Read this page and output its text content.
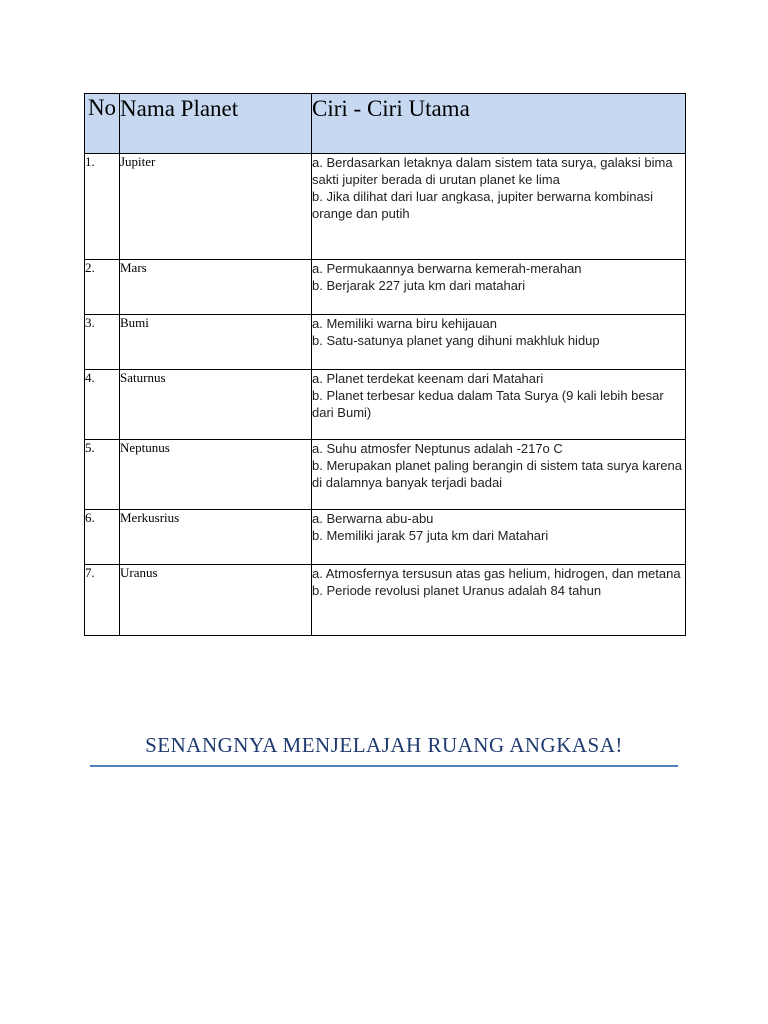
No	Nama Planet	Ciri - Ciri Utama
1.	Jupiter	a. Berdasarkan letaknya dalam sistem tata surya, galaksi bima sakti jupiter berada di urutan planet ke lima
b. Jika dilihat dari luar angkasa, jupiter berwarna kombinasi orange dan putih

2.	Mars	a. Permukaannya berwarna kemerah-merahan
b. Berjarak 227 juta km dari matahari

3.	Bumi	a. Memiliki warna biru kehijauan
b. Satu-satunya planet yang dihuni makhluk hidup

4.	Saturnus	a. Planet terdekat keenam dari Matahari
b. Planet terbesar kedua dalam Tata Surya (9 kali lebih besar dari Bumi)

5.	Neptunus	a. Suhu atmosfer Neptunus adalah -217o C
b. Merupakan planet paling berangin di sistem tata surya karena di dalamnya banyak terjadi badai

6.	Merkusrius	a. Berwarna abu-abu
b. Memiliki jarak 57 juta km dari Matahari

7.	Uranus	a. Atmosfernya tersusun atas gas helium, hidrogen, dan metana
b. Periode revolusi planet Uranus adalah 84 tahun
SENANGNYA MENJELAJAH RUANG ANGKASA!
